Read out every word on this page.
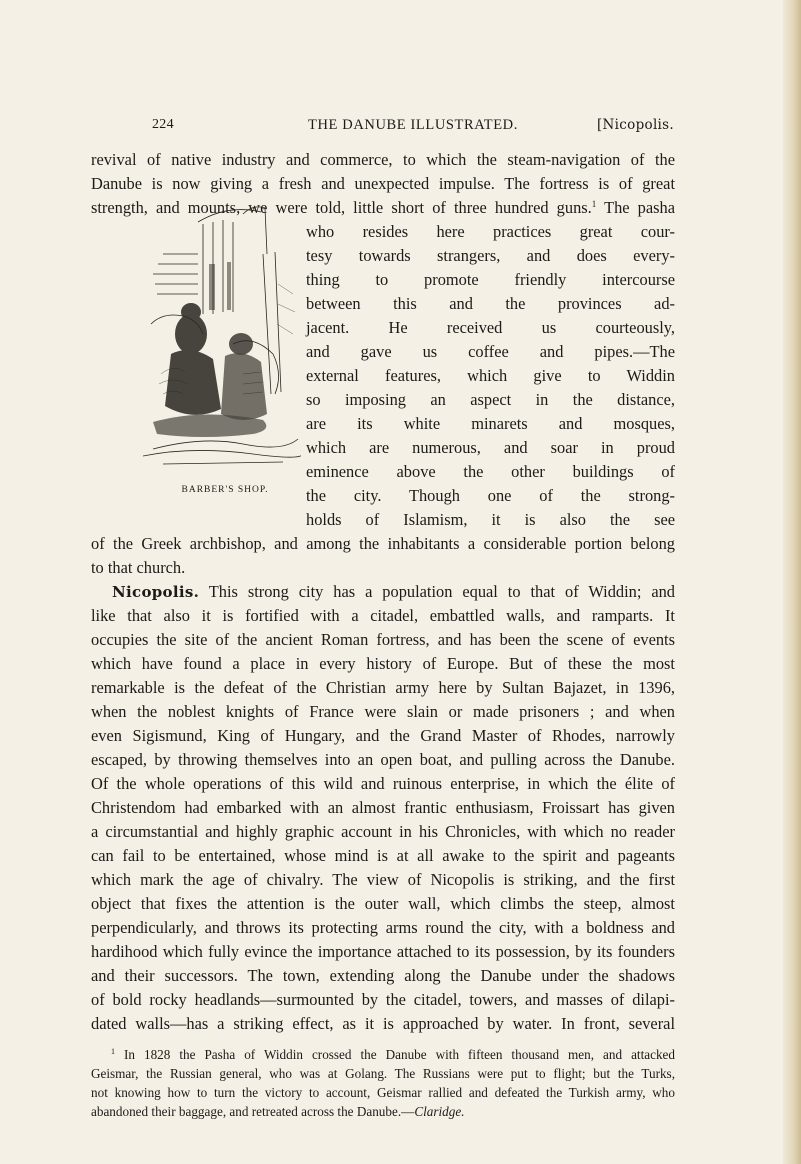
224	THE DANUBE ILLUSTRATED.	[Nicopolis.
revival of native industry and commerce, to which the steam-navigation of the
Danube is now giving a fresh and unexpected impulse. The fortress is of great
strength, and mounts, we were told, little short of three hundred guns.$^1$ The pasha
BARBER'S SHOP.
who resides here practices great cour-
tesy towards strangers, and does every-
thing to promote friendly intercourse
between this and the provinces ad-
jacent. He received us courteously,
and gave us coffee and pipes.—The
external features, which give to Widdin
so imposing an aspect in the distance,
are its white minarets and mosques,
which are numerous, and soar in proud
eminence above the other buildings of
the city. Though one of the strong-
holds of Islamism, it is also the see
of the Greek archbishop, and among the inhabitants a considerable portion belong
to that church.
Nicopolis. This strong city has a population equal to that of Widdin; and
like that also it is fortified with a citadel, embattled walls, and ramparts. It
occupies the site of the ancient Roman fortress, and has been the scene of events
which have found a place in every history of Europe. But of these the most
remarkable is the defeat of the Christian army here by Sultan Bajazet, in 1396,
when the noblest knights of France were slain or made prisoners ; and when
even Sigismund, King of Hungary, and the Grand Master of Rhodes, narrowly
escaped, by throwing themselves into an open boat, and pulling across the Danube.
Of the whole operations of this wild and ruinous enterprise, in which the élite of
Christendom had embarked with an almost frantic enthusiasm, Froissart has given
a circumstantial and highly graphic account in his Chronicles, with which no reader
can fail to be entertained, whose mind is at all awake to the spirit and pageants
which mark the age of chivalry. The view of Nicopolis is striking, and the first
object that fixes the attention is the outer wall, which climbs the steep, almost
perpendicularly, and throws its protecting arms round the city, with a boldness and
hardihood which fully evince the importance attached to its possession, by its founders
and their successors. The town, extending along the Danube under the shadows
of bold rocky headlands—surmounted by the citadel, towers, and masses of dilapi-
dated walls—has a striking effect, as it is approached by water. In front, several
$^1$ In 1828 the Pasha of Widdin crossed the Danube with fifteen thousand men, and attacked
Geismar, the Russian general, who was at Golang. The Russians were put to flight; but the Turks,
not knowing how to turn the victory to account, Geismar rallied and defeated the Turkish army, who
abandoned their baggage, and retreated across the Danube.—Claridge.
